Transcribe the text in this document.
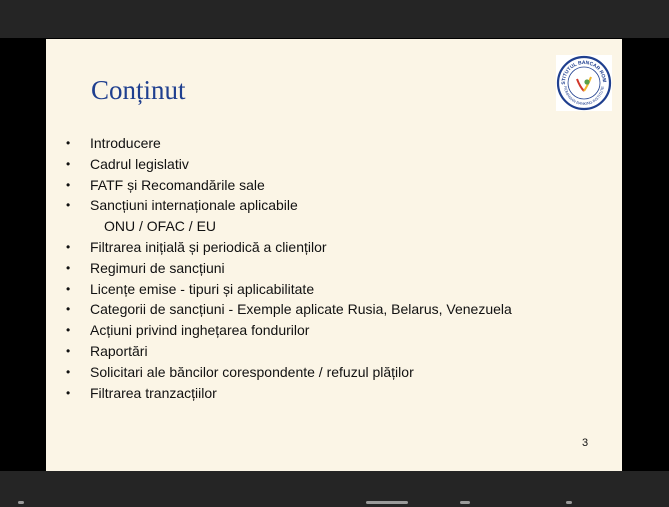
Conținut	STITUTUL BANCAR ROM
ROMANIAN BANKING INSTITUTE
• Introducere
• Cadrul legislativ
• FATF și Recomandările sale
• Sancțiuni internaționale aplicabile
ONU / OFAC / EU
• Filtrarea inițială și periodică a clienților
• Regimuri de sancțiuni
• Licențe emise - tipuri și aplicabilitate
• Categorii de sancțiuni - Exemple aplicate Rusia, Belarus, Venezuela
• Acțiuni privind inghețarea fondurilor
• Raportări
• Solicitari ale băncilor corespondente / refuzul plăților
• Filtrarea tranzacțiilor
3
